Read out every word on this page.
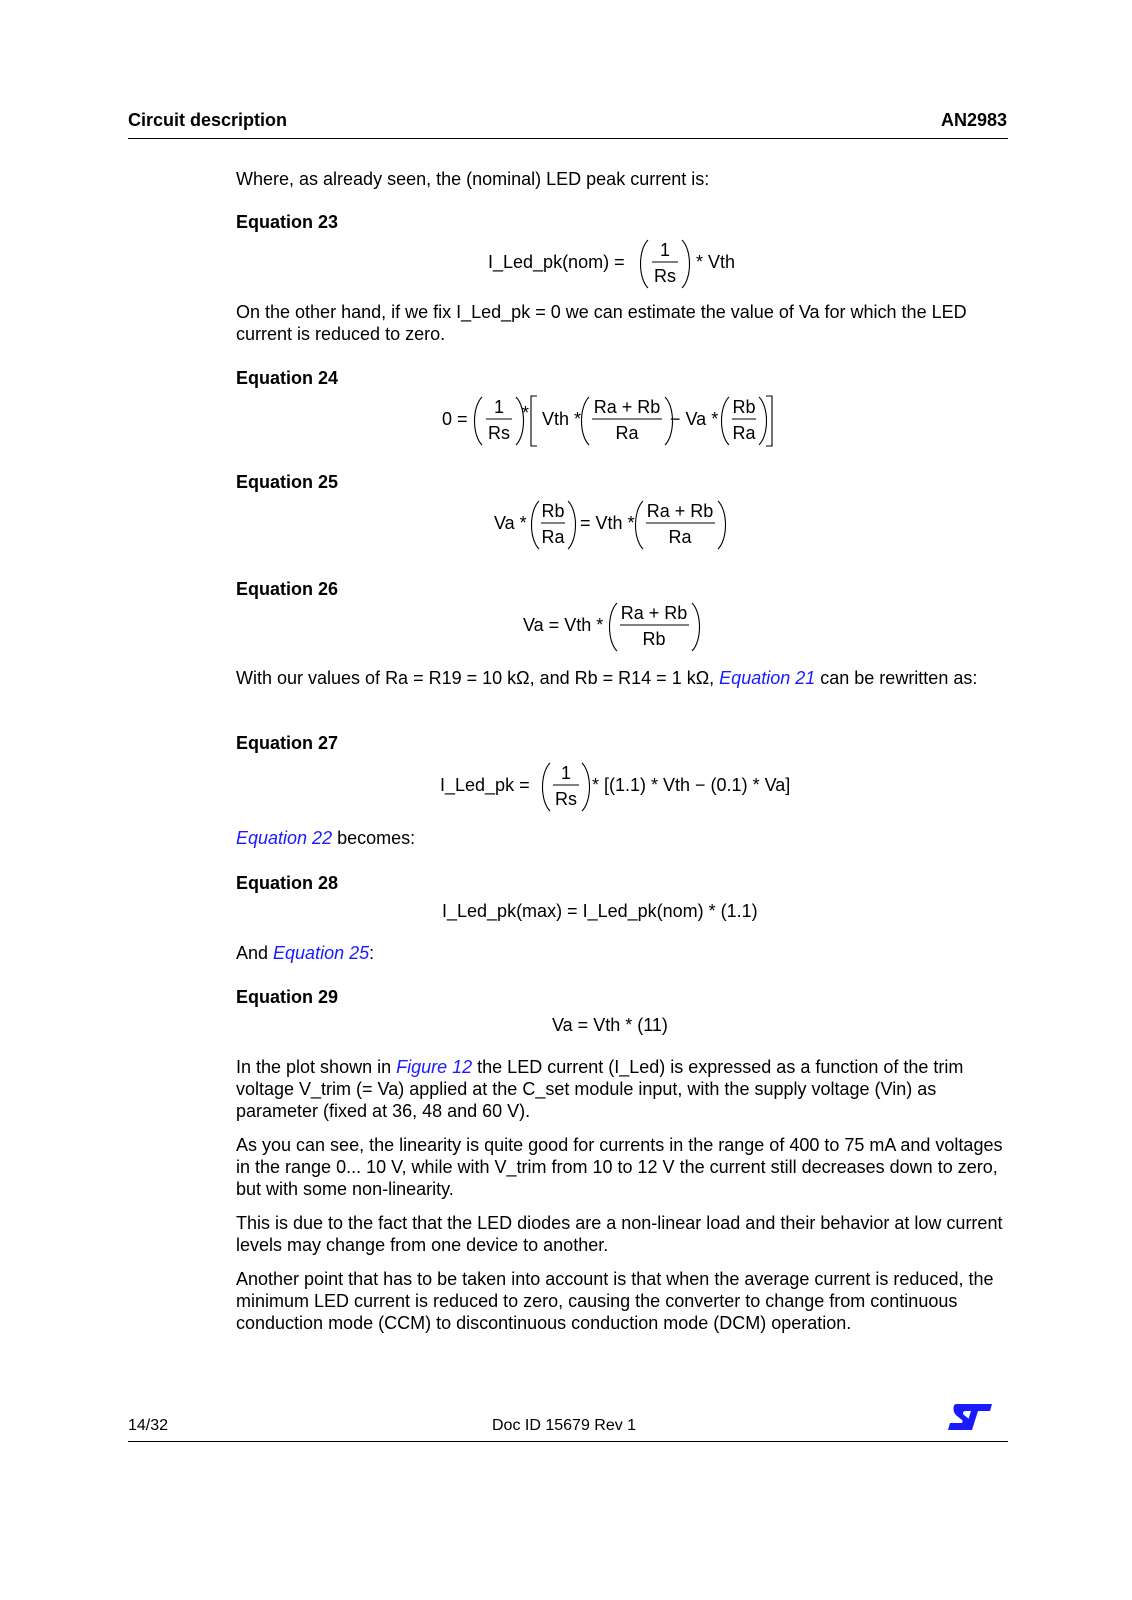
Circuit description	AN2983
Where, as already seen, the (nominal) LED peak current is:
Equation 23
I_Led_pk(nom) =
1
Rs
* Vth
On the other hand, if we fix I_Led_pk = 0 we can estimate the value of Va for which the LED current is reduced to zero.
Equation 24
0 =
1
Rs
* Vth *
Ra + Rb
Ra
− Va *
Rb
Ra
Equation 25
Va *
Rb
Ra
= Vth *
Ra + Rb
Ra
Equation 26
Va = Vth *
Ra + Rb
Rb
With our values of Ra = R19 = 10 kΩ, and Rb = R14 = 1 kΩ, Equation 21 can be rewritten as:
Equation 27
I_Led_pk =
1
Rs
* [(1.1) * Vth − (0.1) * Va]
Equation 22 becomes:
Equation 28
I_Led_pk(max) = I_Led_pk(nom) * (1.1)
And Equation 25:
Equation 29
Va = Vth * (11)
In the plot shown in Figure 12 the LED current (I_Led) is expressed as a function of the trim voltage V_trim (= Va) applied at the C_set module input, with the supply voltage (Vin) as parameter (fixed at 36, 48 and 60 V).
As you can see, the linearity is quite good for currents in the range of 400 to 75 mA and voltages in the range 0... 10 V, while with V_trim from 10 to 12 V the current still decreases down to zero, but with some non-linearity.
This is due to the fact that the LED diodes are a non-linear load and their behavior at low current levels may change from one device to another.
Another point that has to be taken into account is that when the average current is reduced, the minimum LED current is reduced to zero, causing the converter to change from continuous conduction mode (CCM) to discontinuous conduction mode (DCM) operation.
14/32	Doc ID 15679 Rev 1
